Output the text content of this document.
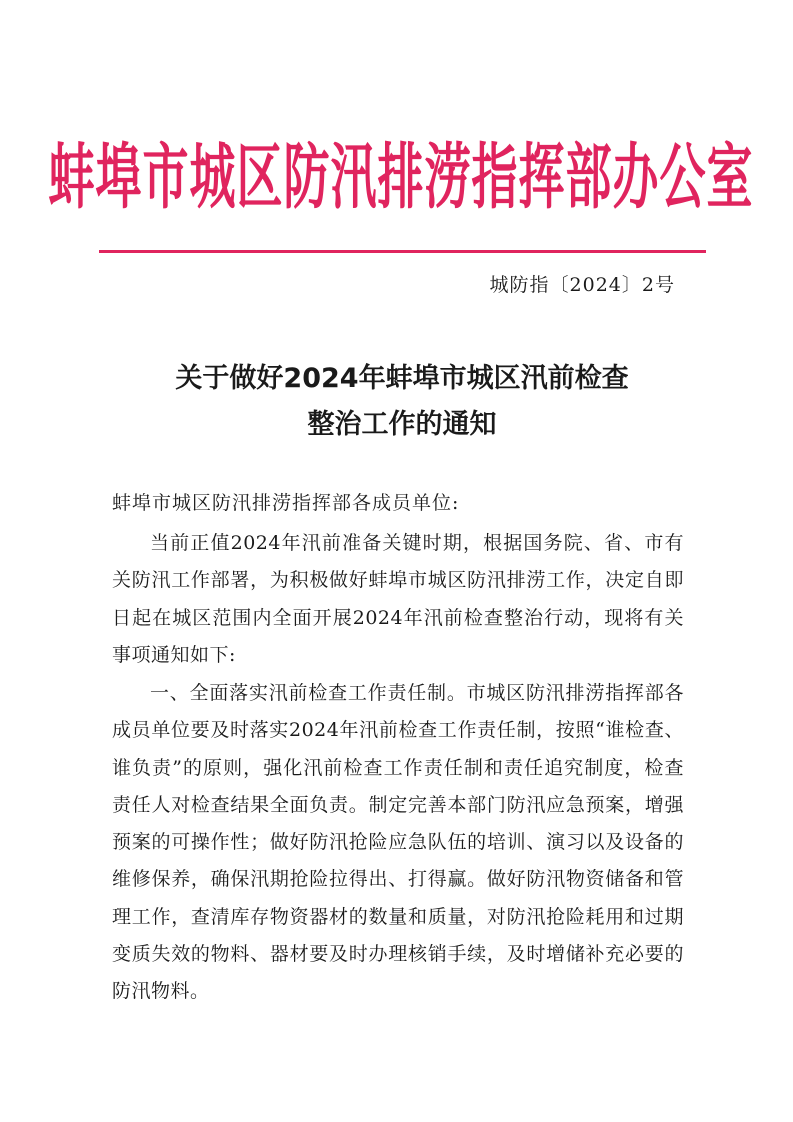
蚌埠市城区防汛排涝指挥部办公室
城防指〔2024〕2号
关于做好2024年蚌埠市城区汛前检查
整治工作的通知
蚌埠市城区防汛排涝指挥部各成员单位:
当前正值2024年汛前准备关键时期，根据国务院、省、市有关防汛工作部署，为积极做好蚌埠市城区防汛排涝工作，决定自即日起在城区范围内全面开展2024年汛前检查整治行动，现将有关事项通知如下:
一、全面落实汛前检查工作责任制。市城区防汛排涝指挥部各成员单位要及时落实2024年汛前检查工作责任制，按照“谁检查、谁负责”的原则，强化汛前检查工作责任制和责任追究制度，检查责任人对检查结果全面负责。制定完善本部门防汛应急预案，增强预案的可操作性；做好防汛抢险应急队伍的培训、演习以及设备的维修保养，确保汛期抢险拉得出、打得赢。做好防汛物资储备和管理工作，查清库存物资器材的数量和质量，对防汛抢险耗用和过期变质失效的物料、器材要及时办理核销手续，及时增储补充必要的防汛物料。
